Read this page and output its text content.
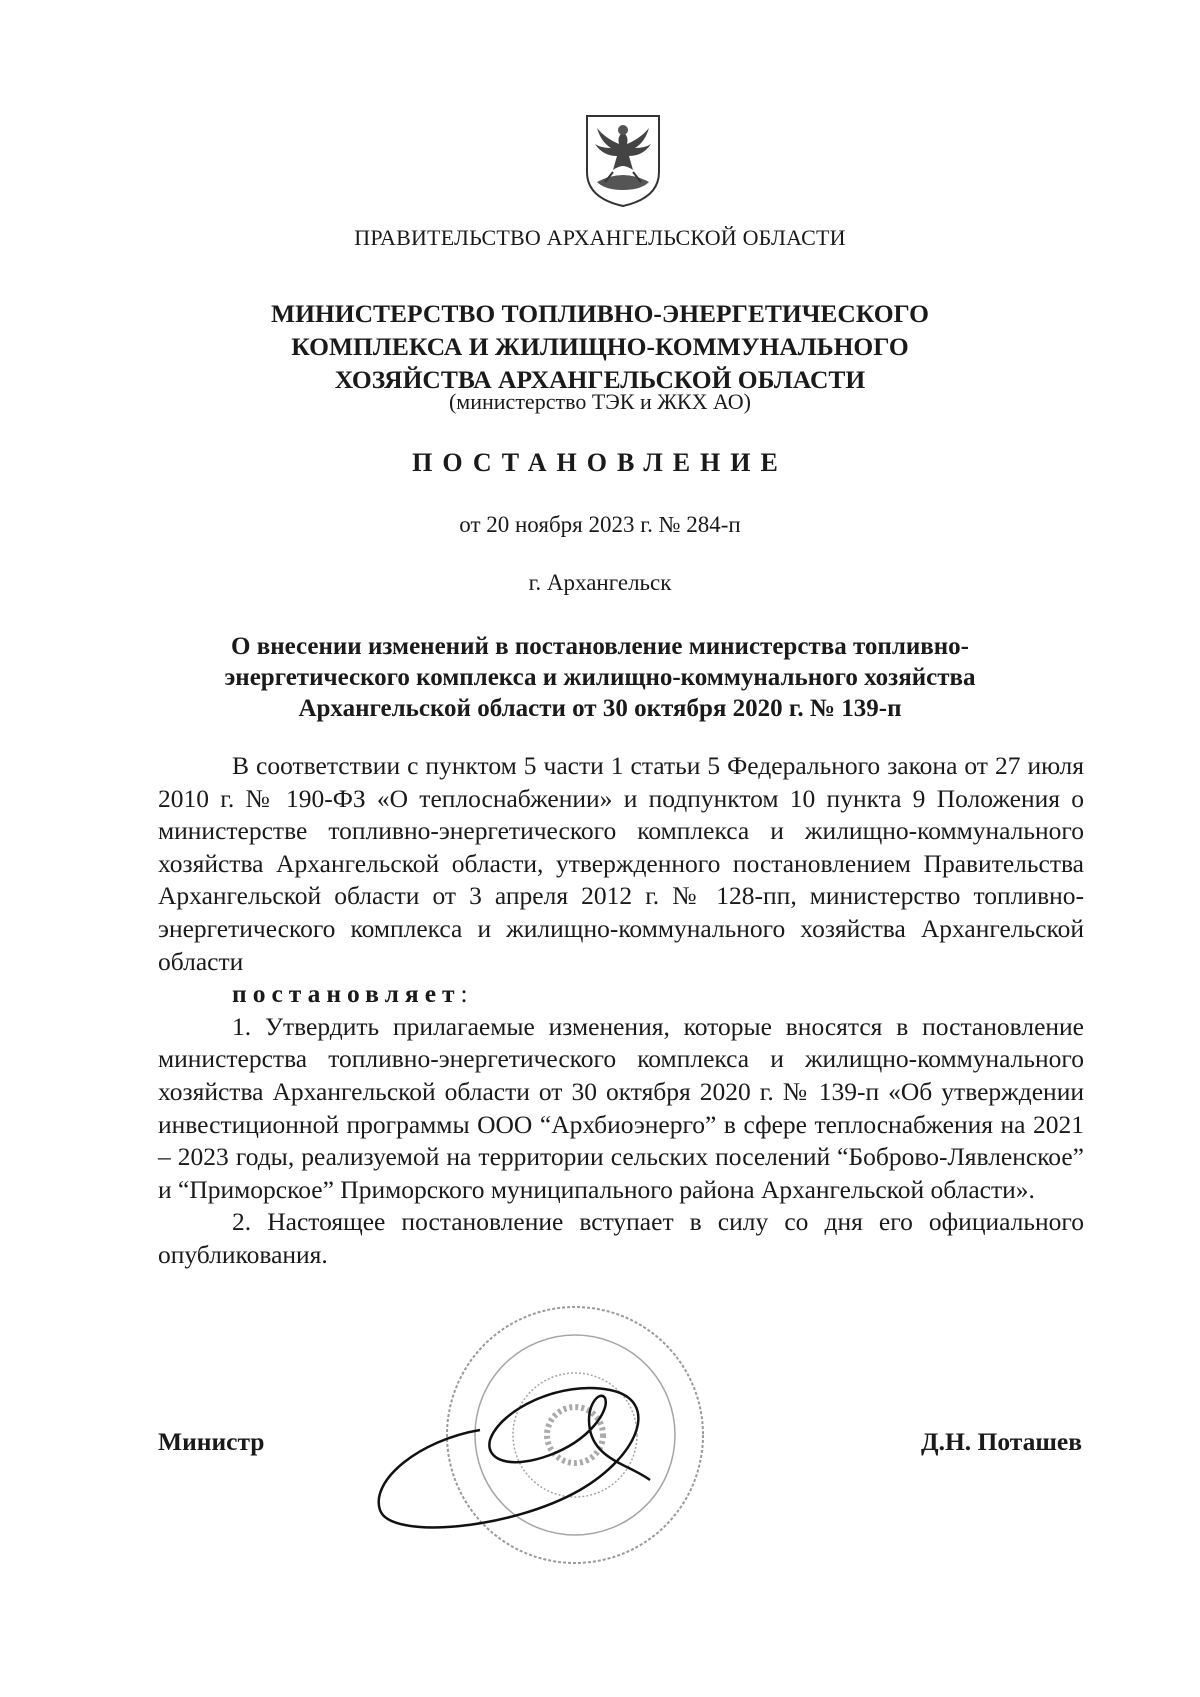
ПРАВИТЕЛЬСТВО АРХАНГЕЛЬСКОЙ ОБЛАСТИ
МИНИСТЕРСТВО ТОПЛИВНО-ЭНЕРГЕТИЧЕСКОГО
КОМПЛЕКСА И ЖИЛИЩНО-КОММУНАЛЬНОГО
ХОЗЯЙСТВА АРХАНГЕЛЬСКОЙ ОБЛАСТИ
(министерство ТЭК и ЖКХ АО)
ПОСТАНОВЛЕНИЕ
от 20 ноября 2023 г. № 284-п
г. Архангельск
О внесении изменений в постановление министерства топливно-
энергетического комплекса и жилищно-коммунального хозяйства
Архангельской области от 30 октября 2020 г. № 139-п

В соответствии с пунктом 5 части 1 статьи 5 Федерального закона от 27 июля 2010 г. № 190-ФЗ «О теплоснабжении» и подпунктом 10 пункта 9 Положения о министерстве топливно-энергетического комплекса и жилищно-коммунального хозяйства Архангельской области, утвержденного постановлением Правительства Архангельской области от 3 апреля 2012 г. № 128-пп, министерство топливно-энергетического комплекса и жилищно-коммунального хозяйства Архангельской области

постановляет:

1. Утвердить прилагаемые изменения, которые вносятся в постановление министерства топливно-энергетического комплекса и жилищно-коммунального хозяйства Архангельской области от 30 октября 2020 г. № 139-п «Об утверждении инвестиционной программы ООО “Архбиоэнерго” в сфере теплоснабжения на 2021 – 2023 годы, реализуемой на территории сельских поселений “Боброво-Лявленское” и “Приморское” Приморского муниципального района Архангельской области».

2. Настоящее постановление вступает в силу со дня его официального опубликования.

Министр	Д.Н. Поташев
